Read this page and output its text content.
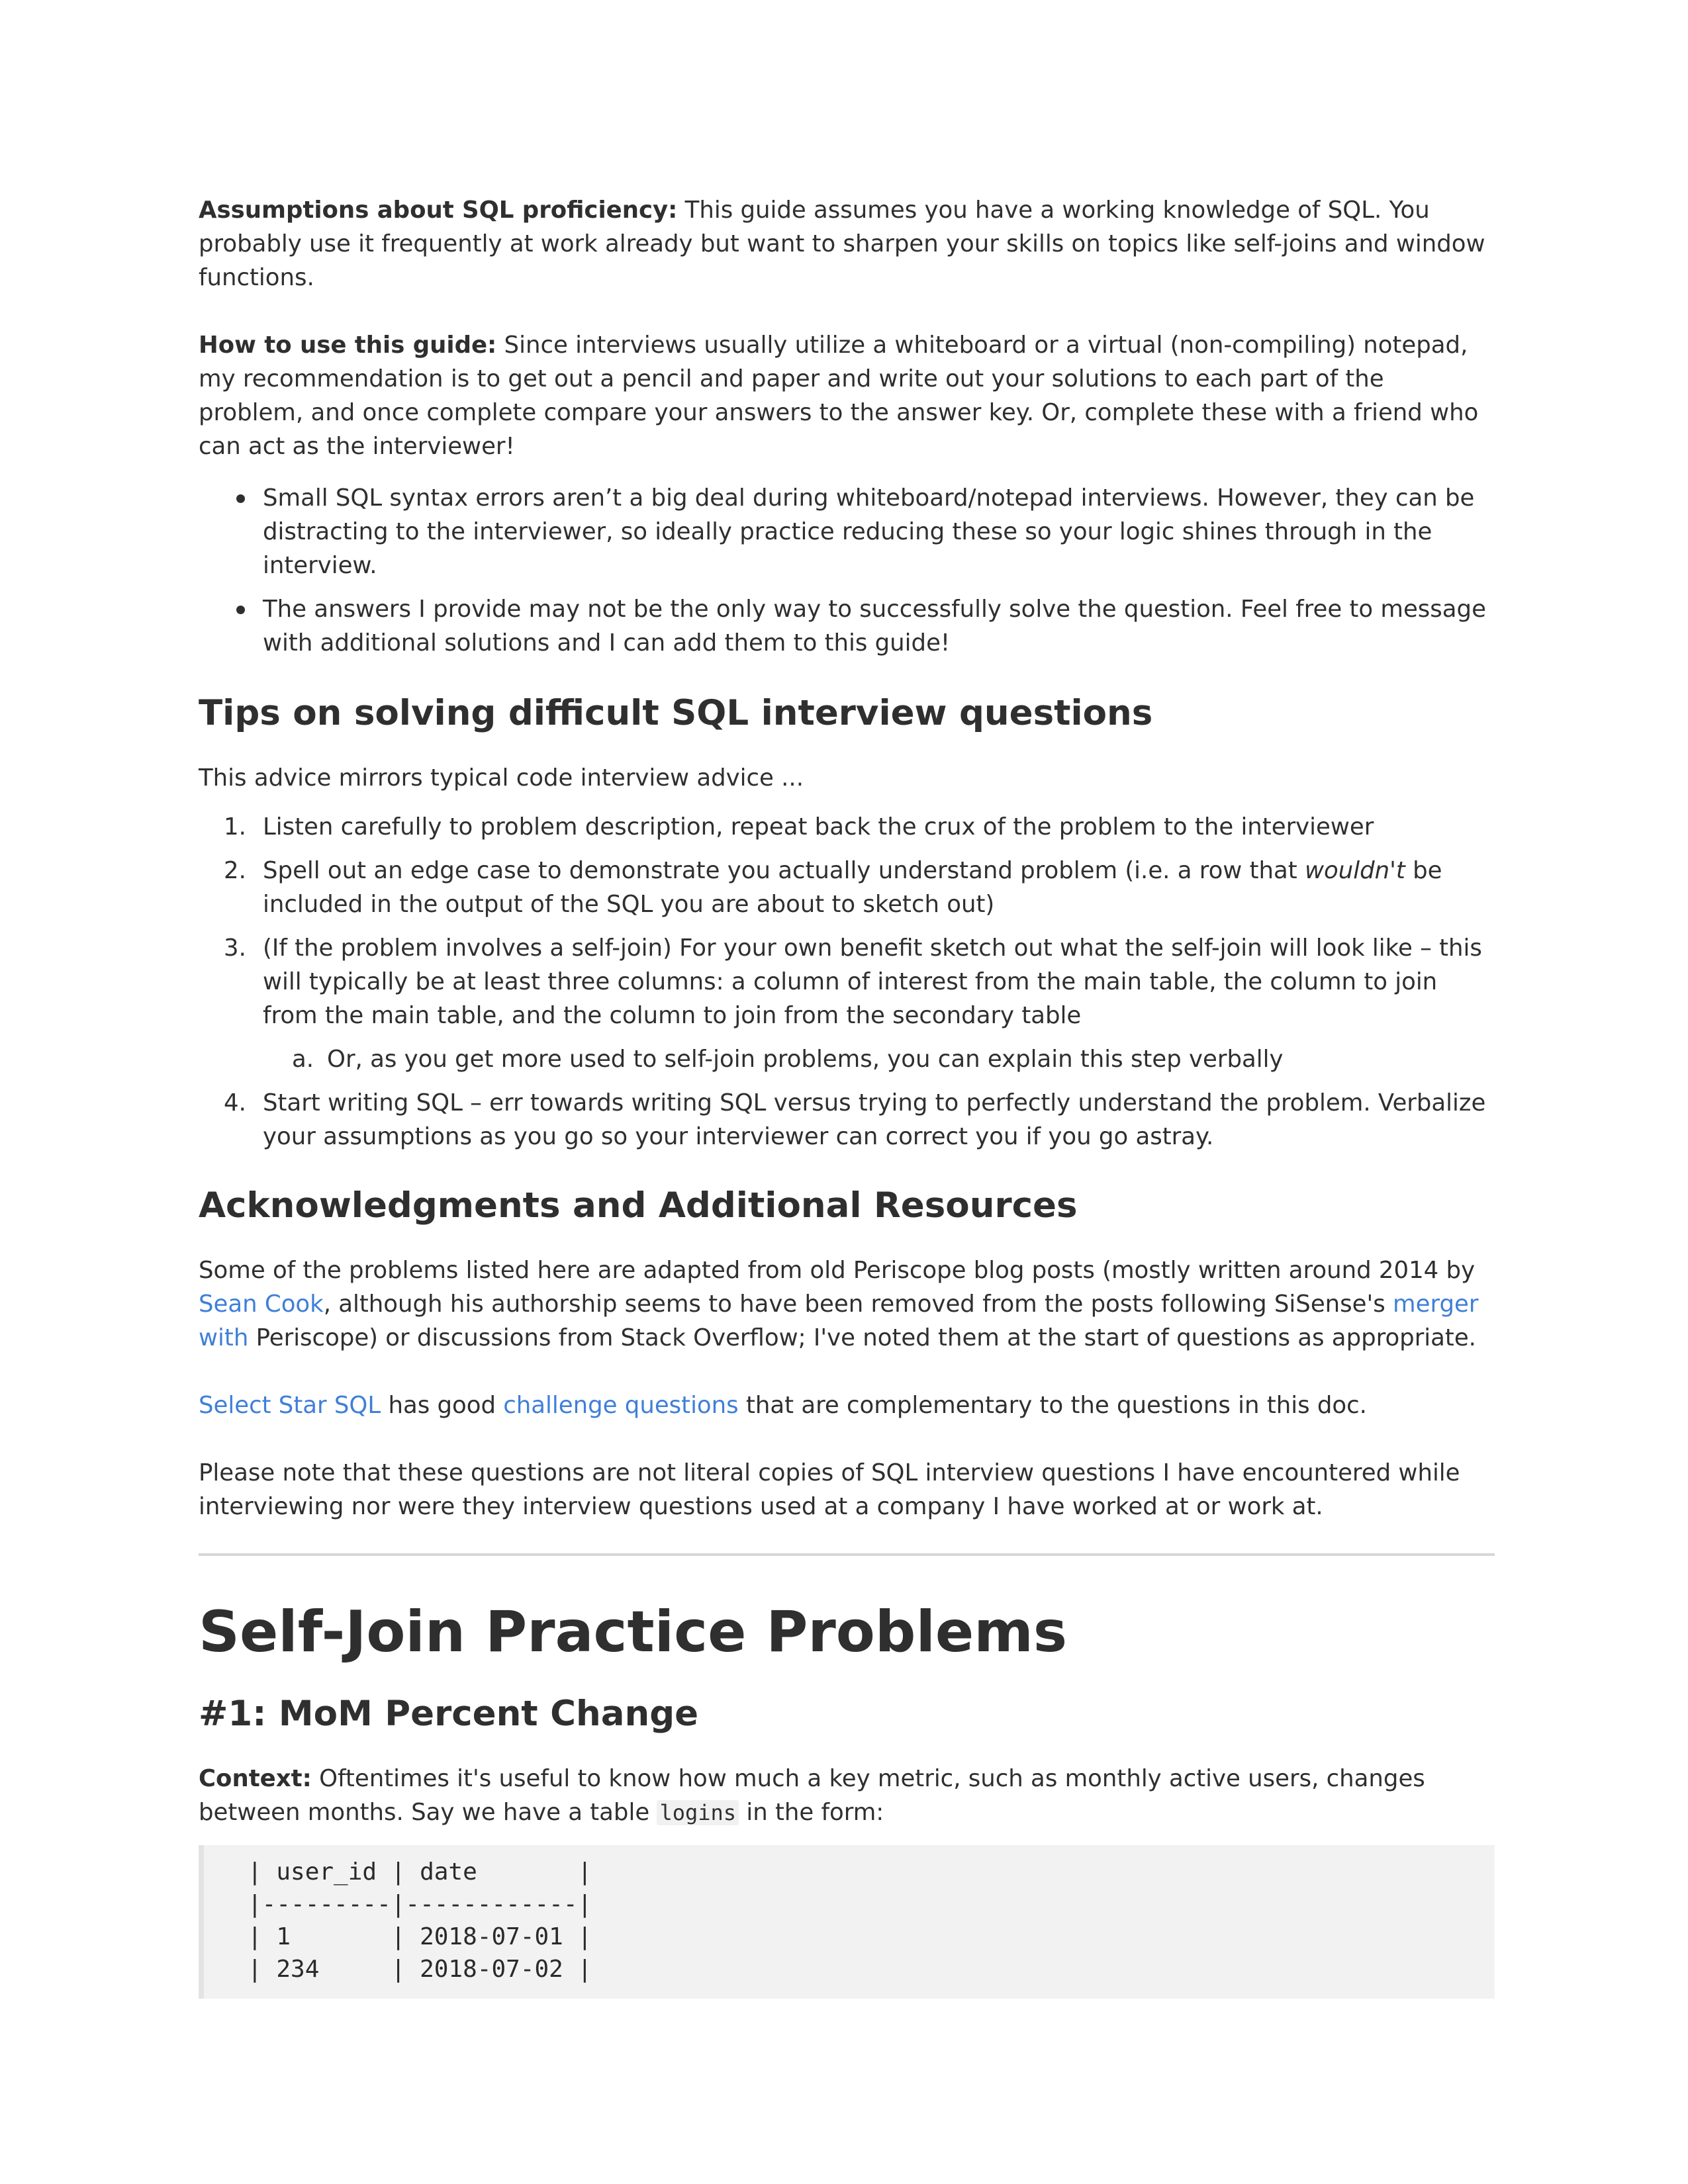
Assumptions about SQL proficiency: This guide assumes you have a working knowledge of SQL. You probably use it frequently at work already but want to sharpen your skills on topics like self-joins and window functions.

How to use this guide: Since interviews usually utilize a whiteboard or a virtual (non-compiling) notepad, my recommendation is to get out a pencil and paper and write out your solutions to each part of the problem, and once complete compare your answers to the answer key. Or, complete these with a friend who can act as the interviewer!

Small SQL syntax errors aren’t a big deal during whiteboard/notepad interviews. However, they can be distracting to the interviewer, so ideally practice reducing these so your logic shines through in the interview.
The answers I provide may not be the only way to successfully solve the question. Feel free to message with additional solutions and I can add them to this guide!
Tips on solving difficult SQL interview questions

This advice mirrors typical code interview advice ...

1. Listen carefully to problem description, repeat back the crux of the problem to the interviewer
2. Spell out an edge case to demonstrate you actually understand problem (i.e. a row that wouldn't be included in the output of the SQL you are about to sketch out)
3. (If the problem involves a self-join) For your own benefit sketch out what the self-join will look like – this will typically be at least three columns: a column of interest from the main table, the column to join from the main table, and the column to join from the secondary table
a. Or, as you get more used to self-join problems, you can explain this step verbally
4. Start writing SQL – err towards writing SQL versus trying to perfectly understand the problem. Verbalize your assumptions as you go so your interviewer can correct you if you go astray.
Acknowledgments and Additional Resources

Some of the problems listed here are adapted from old Periscope blog posts (mostly written around 2014 by Sean Cook, although his authorship seems to have been removed from the posts following SiSense's merger with Periscope) or discussions from Stack Overflow; I've noted them at the start of questions as appropriate.

Select Star SQL has good challenge questions that are complementary to the questions in this doc.

Please note that these questions are not literal copies of SQL interview questions I have encountered while interviewing nor were they interview questions used at a company I have worked at or work at.

Self-Join Practice Problems
#1: MoM Percent Change

Context: Oftentimes it's useful to know how much a key metric, such as monthly active users, changes between months. Say we have a table logins in the form:

| user_id | date       |
|---------|------------|
| 1       | 2018-07-01 |
| 234     | 2018-07-02 |
